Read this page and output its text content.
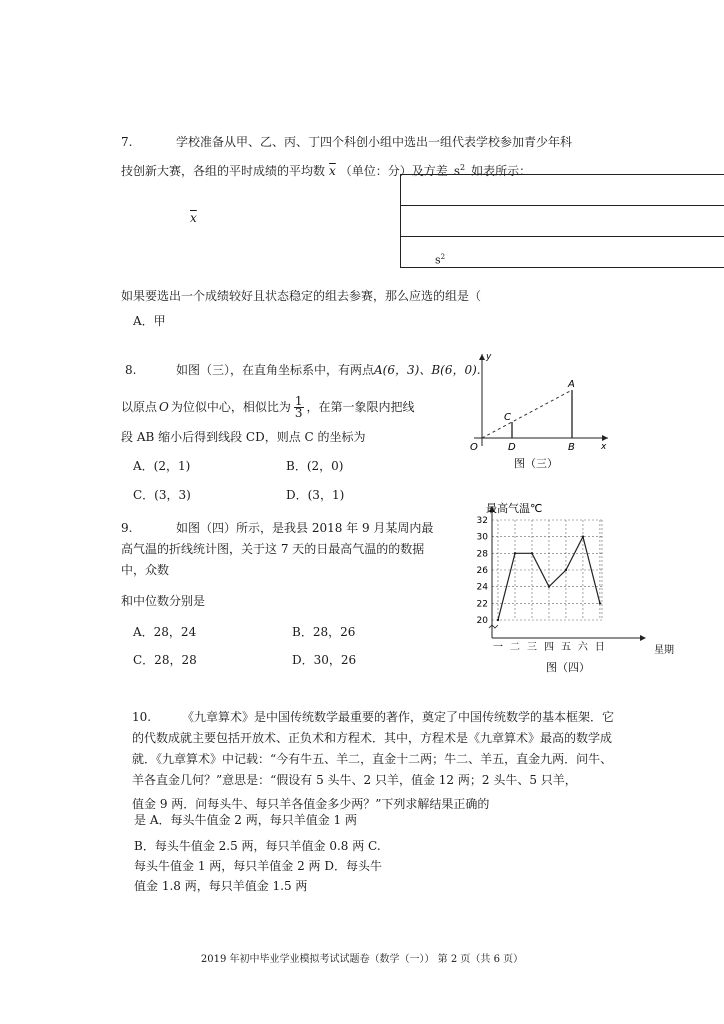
7.	学校准备从甲、乙、丙、丁四个科创小组中选出一组代表学校参加青少年科
技创新大赛，各组的平时成绩的平均数 $\overline{x}$ （单位：分）及方差 $s^2$ 如表所示：
$\overline{x}$

$s^2$
如果要选出一个成绩较好且状态稳定的组去参赛，那么应选的组是（
A．甲
8.	如图（三），在直角坐标系中，有两点A(6，3)、B(6，0).
以原点 O 为位似中心，相似比为 $\frac{1}{3}$ ，在第一象限内把线
段 AB 缩小后得到线段 CD，则点 C 的坐标为
A．(2，1)	B．(2，0)
C．(3，3)	D．(3，1)
y
x
A
C
O	D	B
图（三）
9.	如图（四）所示，是我县 2018 年 9 月某周内最
高气温的折线统计图，关于这 7 天的日最高气温的的数据
中，众数
和中位数分别是
A．28，24	B．28，26
C．28，28	D．30，26
20
22
24
26
28
30
32
一 二 三 四 五 六 日
最高气温℃
星期
图（四）
10.	《九章算术》是中国传统数学最重要的著作，奠定了中国传统数学的基本框架．它
的代数成就主要包括开放术、正负术和方程术．其中，方程术是《九章算术》最高的数学成
就．《九章算术》中记载：“今有牛五、羊二，直金十二两；牛二、羊五，直金九两．问牛、
羊各直金几何？”意思是：“假设有 5 头牛、2 只羊，值金 12 两；2 头牛、5 只羊，
值金 9 两．问每头牛、每只羊各值金多少两？”下列求解结果正确的
是 A．每头牛值金 2 两，每只羊值金 1 两
B．每头牛值金 2.5 两，每只羊值金 0.8 两 C.
每头牛值金 1 两，每只羊值金 2 两 D．每头牛
值金 1.8 两，每只羊值金 1.5 两
2019 年初中毕业学业模拟考试试题卷（数学（一）） 第 2 页（共 6 页）
